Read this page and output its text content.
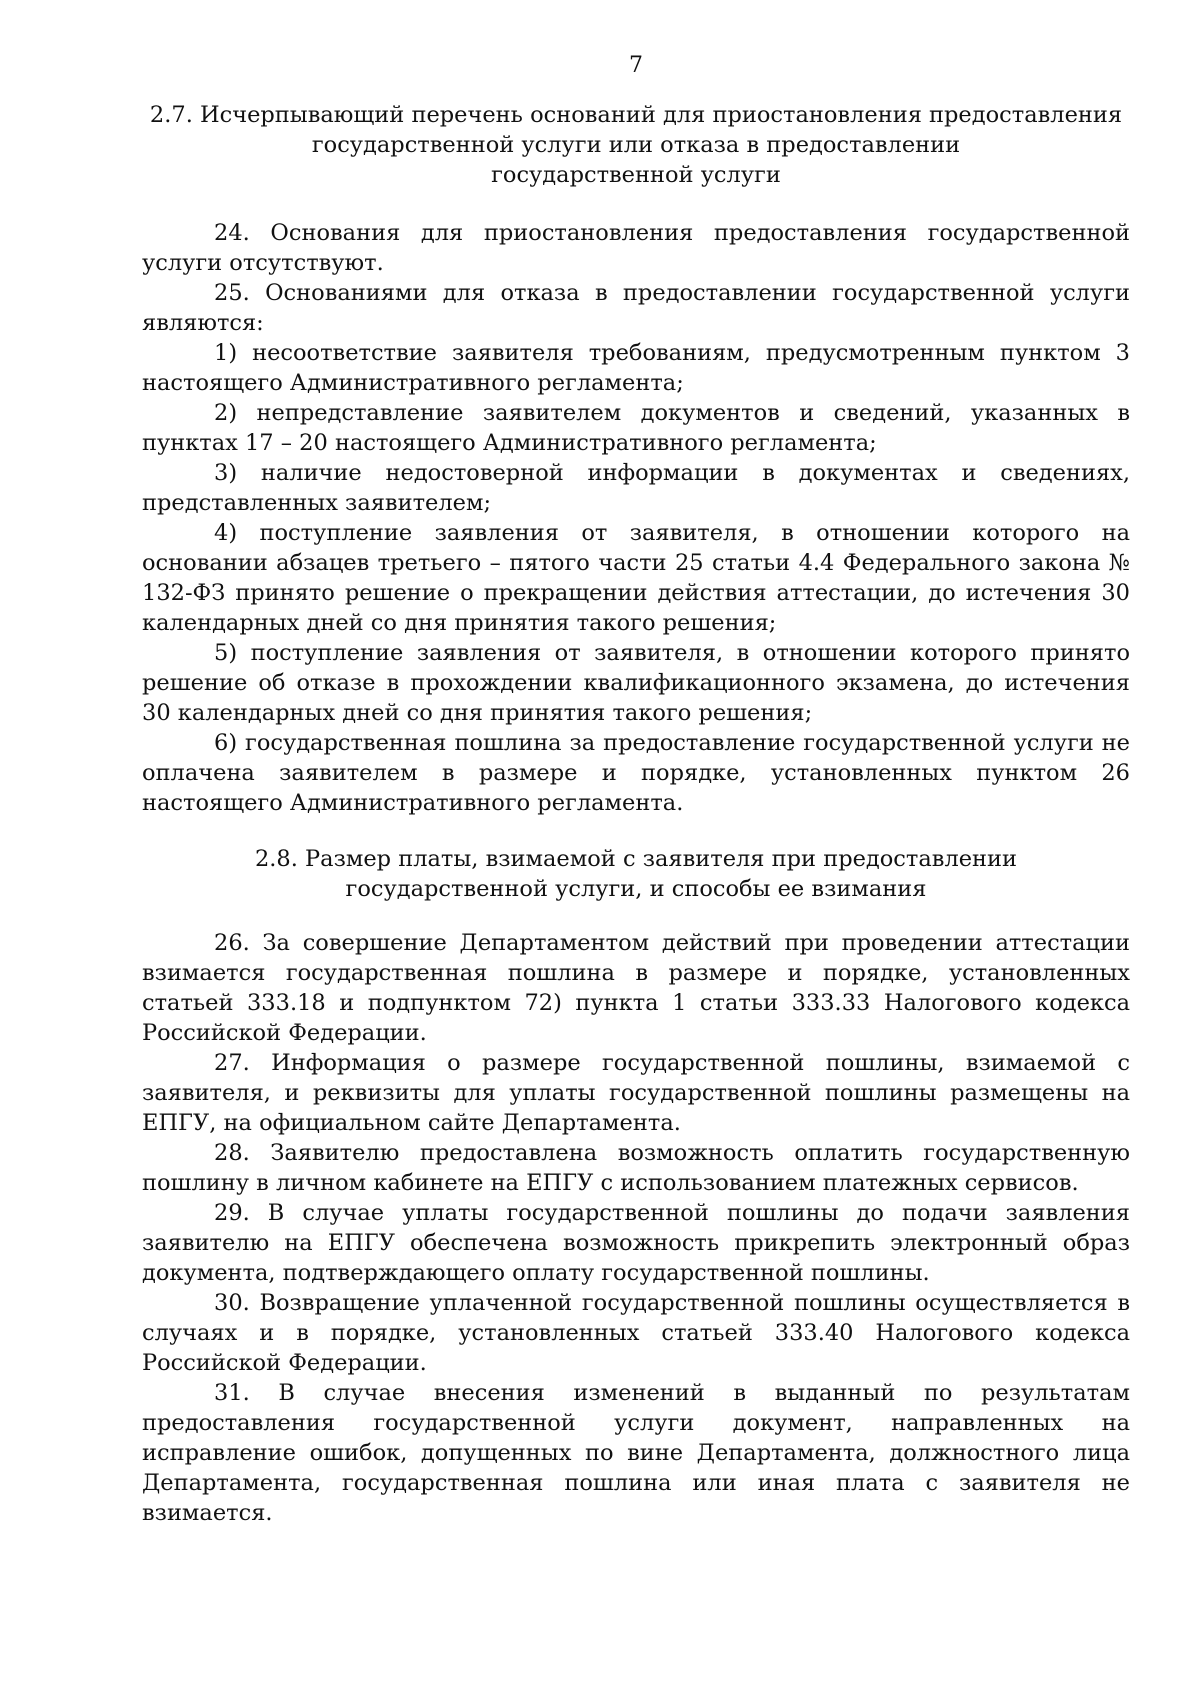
7
2.7. Исчерпывающий перечень оснований для приостановления предоставления
государственной услуги или отказа в предоставлении
государственной услуги

24. Основания для приостановления предоставления государственной услуги отсутствуют.

25. Основаниями для отказа в предоставлении государственной услуги являются:

1) несоответствие заявителя требованиям, предусмотренным пунктом 3 настоящего Административного регламента;

2) непредставление заявителем документов и сведений, указанных в пунктах 17 – 20 настоящего Административного регламента;

3) наличие недостоверной информации в документах и сведениях, представленных заявителем;

4) поступление заявления от заявителя, в отношении которого на основании абзацев третьего – пятого части 25 статьи 4.4 Федерального закона № 132-ФЗ принято решение о прекращении действия аттестации, до истечения 30 календарных дней со дня принятия такого решения;

5) поступление заявления от заявителя, в отношении которого принято решение об отказе в прохождении квалификационного экзамена, до истечения 30 календарных дней со дня принятия такого решения;

6) государственная пошлина за предоставление государственной услуги не оплачена заявителем в размере и порядке, установленных пунктом 26 настоящего Административного регламента.

2.8. Размер платы, взимаемой с заявителя при предоставлении
государственной услуги, и способы ее взимания

26. За совершение Департаментом действий при проведении аттестации взимается государственная пошлина в размере и порядке, установленных статьей 333.18 и подпунктом 72) пункта 1 статьи 333.33 Налогового кодекса Российской Федерации.

27. Информация о размере государственной пошлины, взимаемой с заявителя, и реквизиты для уплаты государственной пошлины размещены на ЕПГУ, на официальном сайте Департамента.

28. Заявителю предоставлена возможность оплатить государственную пошлину в личном кабинете на ЕПГУ с использованием платежных сервисов.

29. В случае уплаты государственной пошлины до подачи заявления заявителю на ЕПГУ обеспечена возможность прикрепить электронный образ документа, подтверждающего оплату государственной пошлины.

30. Возвращение уплаченной государственной пошлины осуществляется в случаях и в порядке, установленных статьей 333.40 Налогового кодекса Российской Федерации.

31. В случае внесения изменений в выданный по результатам предоставления государственной услуги документ, направленных на исправление ошибок, допущенных по вине Департамента, должностного лица Департамента, государственная пошлина или иная плата с заявителя не взимается.
